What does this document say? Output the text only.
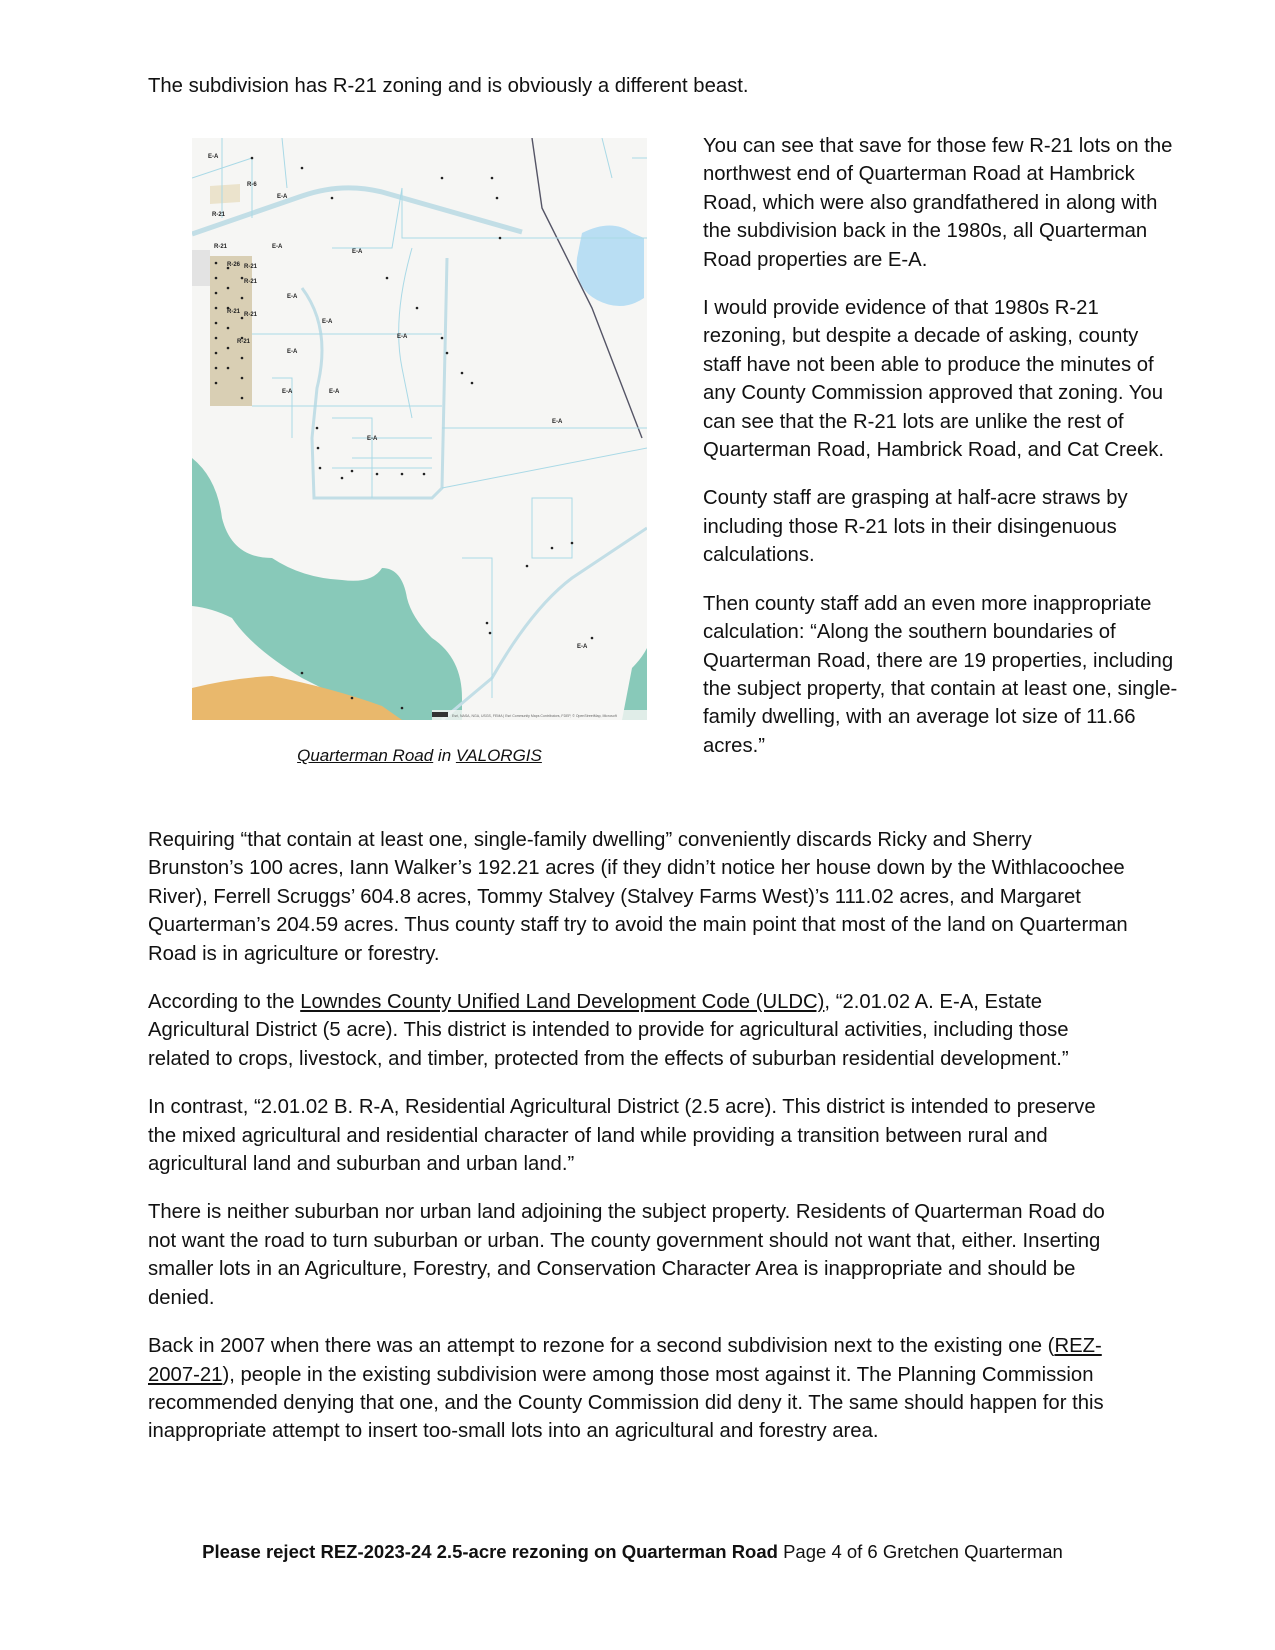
The subdivision has R-21 zoning and is obviously a different beast.

E-A
R-6
R-21
R-21
R-26 R-21
R-21
R-21 R-21
R-21
E-A
E-A
E-A
E-A
E-A
E-A
E-A
E-A	E-A
E-A
E-A
E-A
Esri, NASA, NGA, USGS, FEMA | Esri Community Maps Contributors, FDEP, © OpenStreetMap, Microsoft
Quarterman Road in VALORGIS

You can see that save for those few R-21 lots on the northwest end of Quarterman Road at Hambrick Road, which were also grandfathered in along with the subdivision back in the 1980s, all Quarterman Road properties are E-A.

I would provide evidence of that 1980s R-21 rezoning, but despite a decade of asking, county staff have not been able to produce the minutes of any County Commission approved that zoning. You can see that the R-21 lots are unlike the rest of Quarterman Road, Hambrick Road, and Cat Creek.

County staff are grasping at half-acre straws by including those R-21 lots in their disingenuous calculations.

Then county staff add an even more inappropriate calculation: “Along the southern boundaries of Quarterman Road, there are 19 properties, including the subject property, that contain at least one, single-family dwelling, with an average lot size of 11.66 acres.”

Requiring “that contain at least one, single-family dwelling” conveniently discards Ricky and Sherry Brunston’s 100 acres, Iann Walker’s 192.21 acres (if they didn’t notice her house down by the Withlacoochee River), Ferrell Scruggs’ 604.8 acres, Tommy Stalvey (Stalvey Farms West)’s 111.02 acres, and Margaret Quarterman’s 204.59 acres. Thus county staff try to avoid the main point that most of the land on Quarterman Road is in agriculture or forestry.

According to the Lowndes County Unified Land Development Code (ULDC), “2.01.02 A. E-A, Estate Agricultural District (5 acre). This district is intended to provide for agricultural activities, including those related to crops, livestock, and timber, protected from the effects of suburban residential development.”

In contrast, “2.01.02 B. R-A, Residential Agricultural District (2.5 acre). This district is intended to preserve the mixed agricultural and residential character of land while providing a transition between rural and agricultural land and suburban and urban land.”

There is neither suburban nor urban land adjoining the subject property. Residents of Quarterman Road do not want the road to turn suburban or urban. The county government should not want that, either. Inserting smaller lots in an Agriculture, Forestry, and Conservation Character Area is inappropriate and should be denied.

Back in 2007 when there was an attempt to rezone for a second subdivision next to the existing one (REZ-2007-21), people in the existing subdivision were among those most against it. The Planning Commission recommended denying that one, and the County Commission did deny it. The same should happen for this inappropriate attempt to insert too-small lots into an agricultural and forestry area.

Please reject REZ-2023-24 2.5-acre rezoning on Quarterman Road Page 4 of 6 Gretchen Quarterman
